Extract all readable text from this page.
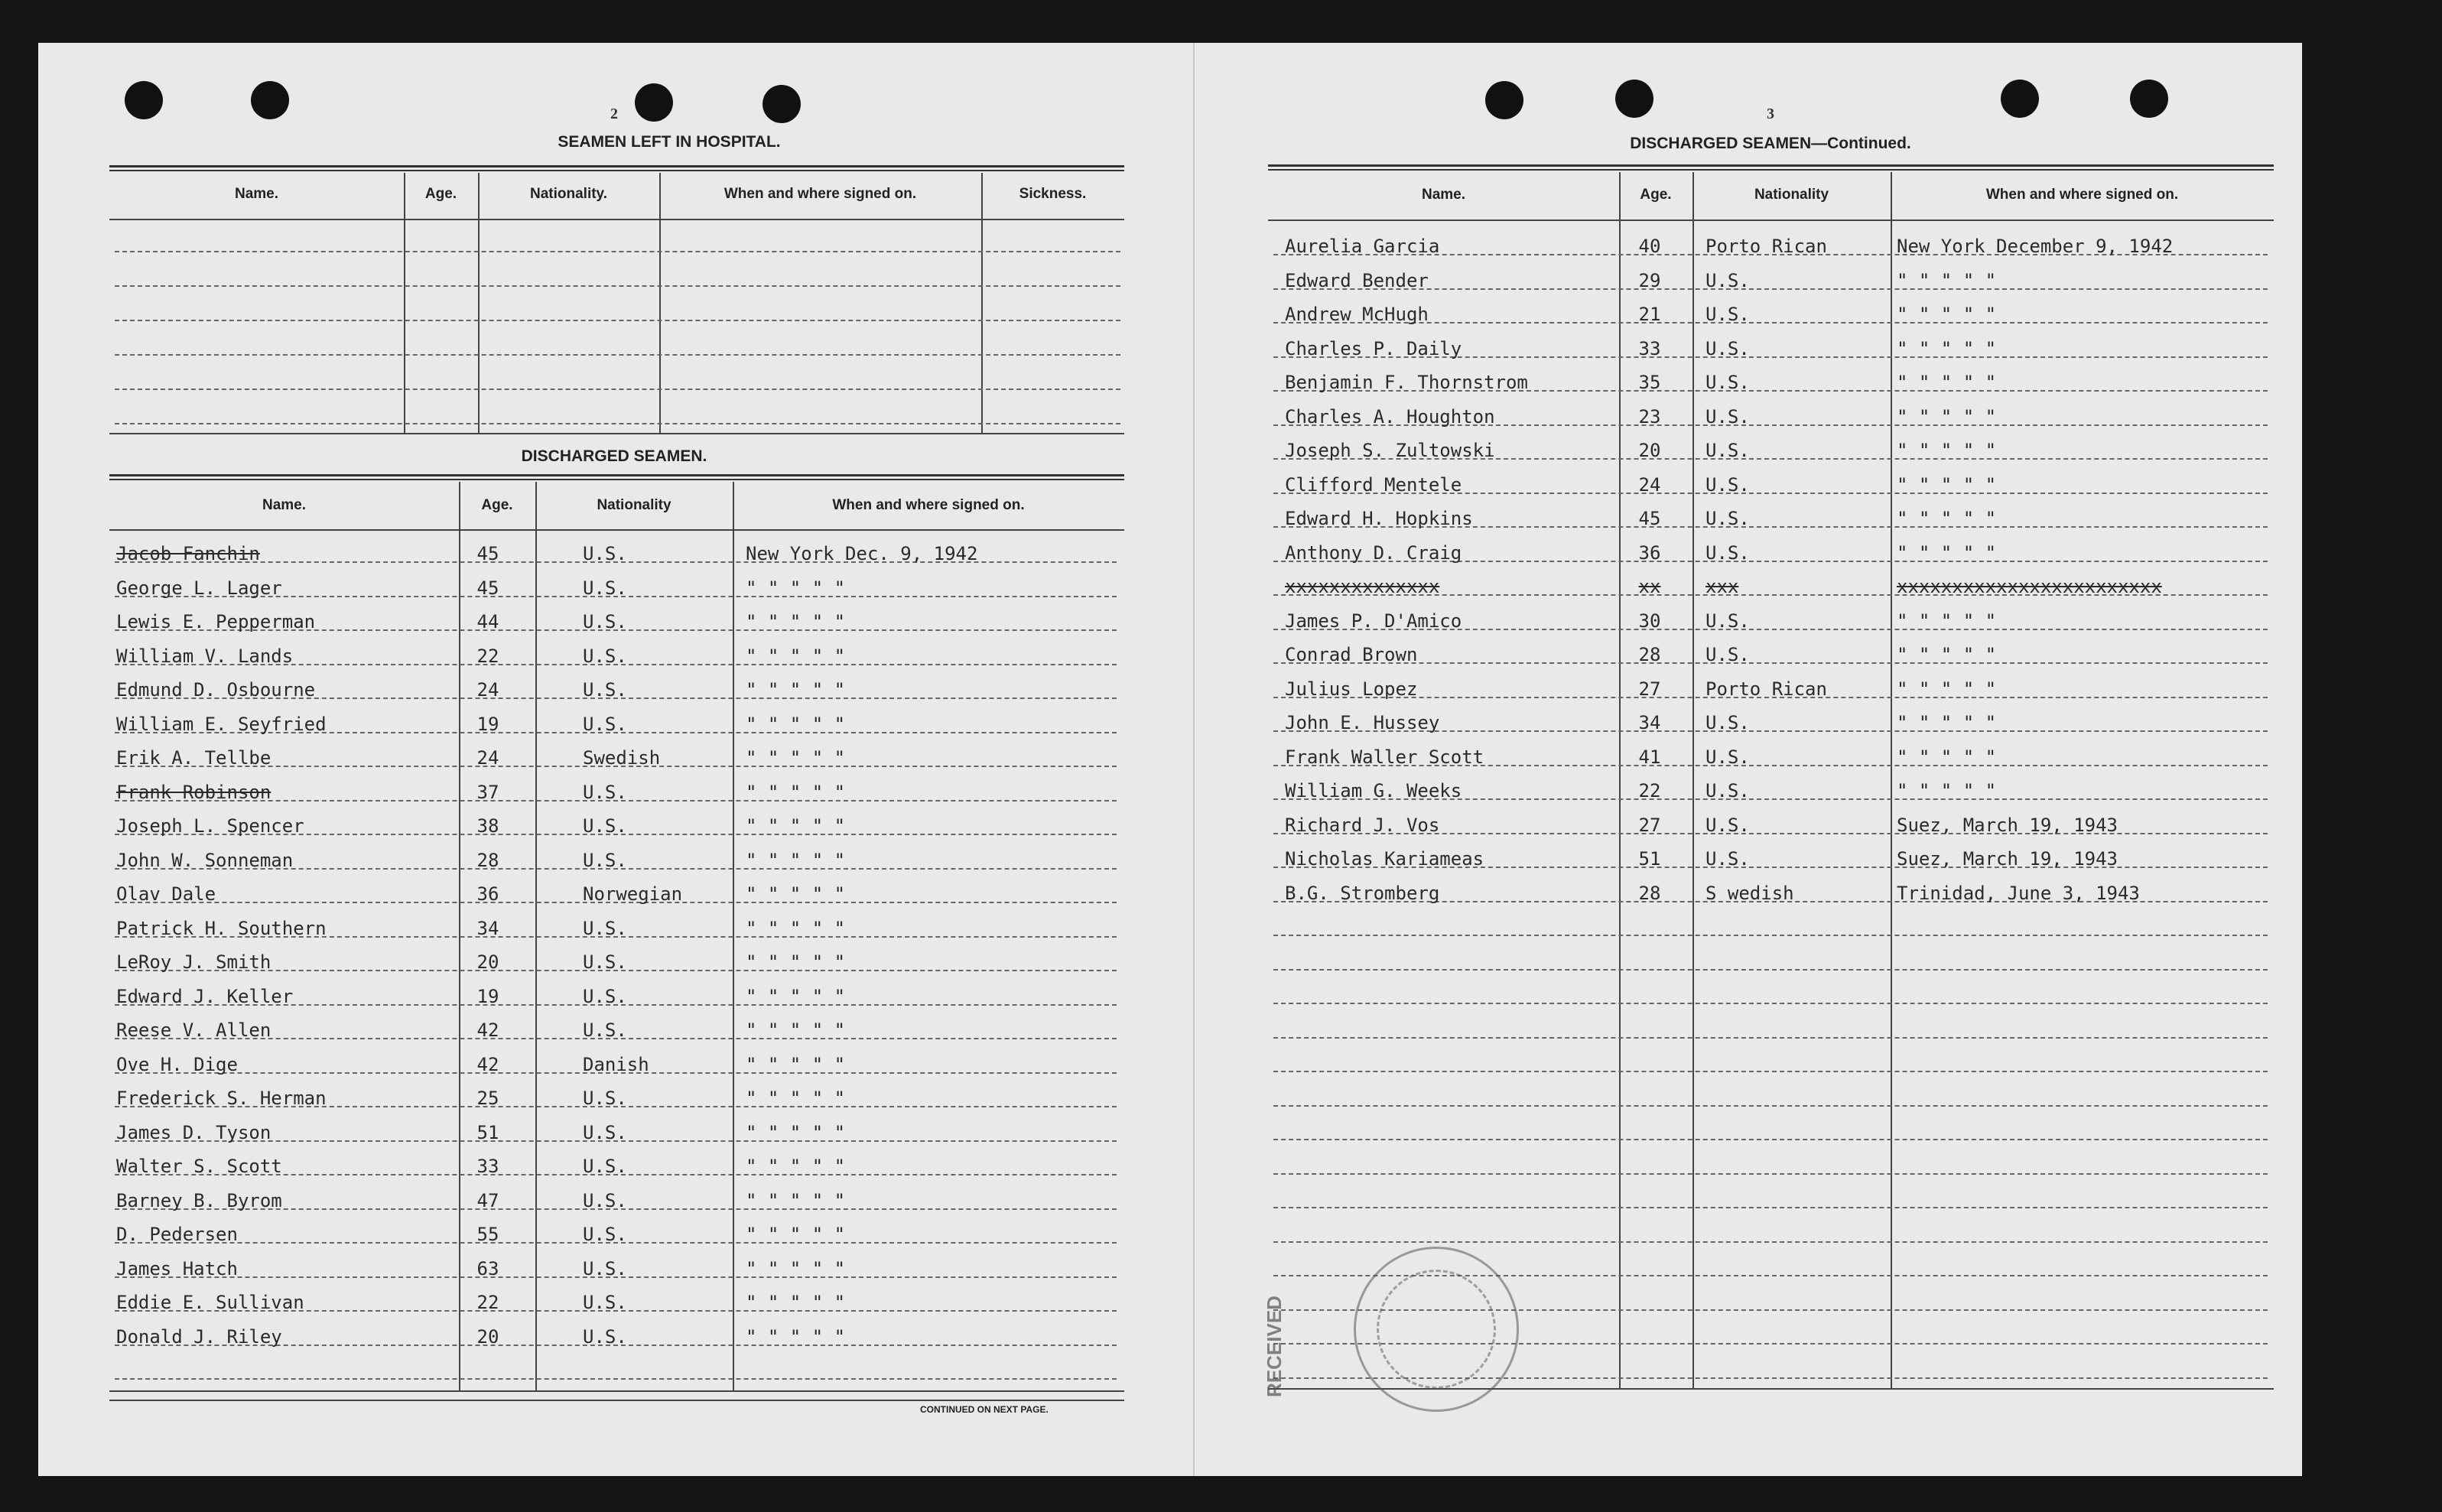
2
SEAMEN LEFT IN HOSPITAL.
Name.	Age.	Nationality.	When and where signed on.	Sickness.
DISCHARGED SEAMEN.
Name.	Age.	Nationality	When and where signed on.
CONTINUED ON NEXT PAGE.
Jacob Fanchin	45	U.S.	New York Dec. 9, 1942
George L. Lager	45	U.S.	" " " " "
Lewis E. Pepperman	44	U.S.	" " " " "
William V. Lands	22	U.S.	" " " " "
Edmund D. Osbourne	24	U.S.	" " " " "
William E. Seyfried	19	U.S.	" " " " "
Erik A. Tellbe	24	Swedish	" " " " "
Frank Robinson	37	U.S.	" " " " "
Joseph L. Spencer	38	U.S.	" " " " "
John W. Sonneman	28	U.S.	" " " " "
Olav Dale	36	Norwegian	" " " " "
Patrick H. Southern	34	U.S.	" " " " "
LeRoy J. Smith	20	U.S.	" " " " "
Edward J. Keller	19	U.S.	" " " " "
Reese V. Allen	42	U.S.	" " " " "
Ove H. Dige	42	Danish	" " " " "
Frederick S. Herman	25	U.S.	" " " " "
James D. Tyson	51	U.S.	" " " " "
Walter S. Scott	33	U.S.	" " " " "
Barney B. Byrom	47	U.S.	" " " " "
D. Pedersen	55	U.S.	" " " " "
James Hatch	63	U.S.	" " " " "
Eddie E. Sullivan	22	U.S.	" " " " "
Donald J. Riley	20	U.S.	" " " " "
3
DISCHARGED SEAMEN—Continued.
Name.	Age.	Nationality	When and where signed on.
Aurelia Garcia	40	Porto Rican	New York December 9, 1942
Edward Bender	29	U.S.	" " " " "
Andrew McHugh	21	U.S.	" " " " "
Charles P. Daily	33	U.S.	" " " " "
Benjamin F. Thornstrom	35	U.S.	" " " " "
Charles A. Houghton	23	U.S.	" " " " "
Joseph S. Zultowski	20	U.S.	" " " " "
Clifford Mentele	24	U.S.	" " " " "
Edward H. Hopkins	45	U.S.	" " " " "
Anthony D. Craig	36	U.S.	" " " " "
xxxxxxxxxxxxxx	xx	xxx	xxxxxxxxxxxxxxxxxxxxxxxx
James P. D'Amico	30	U.S.	" " " " "
Conrad Brown	28	U.S.	" " " " "
Julius Lopez	27	Porto Rican	" " " " "
John E. Hussey	34	U.S.	" " " " "
Frank Waller Scott	41	U.S.	" " " " "
William G. Weeks	22	U.S.	" " " " "
Richard J. Vos	27	U.S.	Suez, March 19, 1943
Nicholas Kariameas	51	U.S.	Suez, March 19, 1943
B.G. Stromberg	28	S wedish	Trinidad, June 3, 1943
RECEIVED
